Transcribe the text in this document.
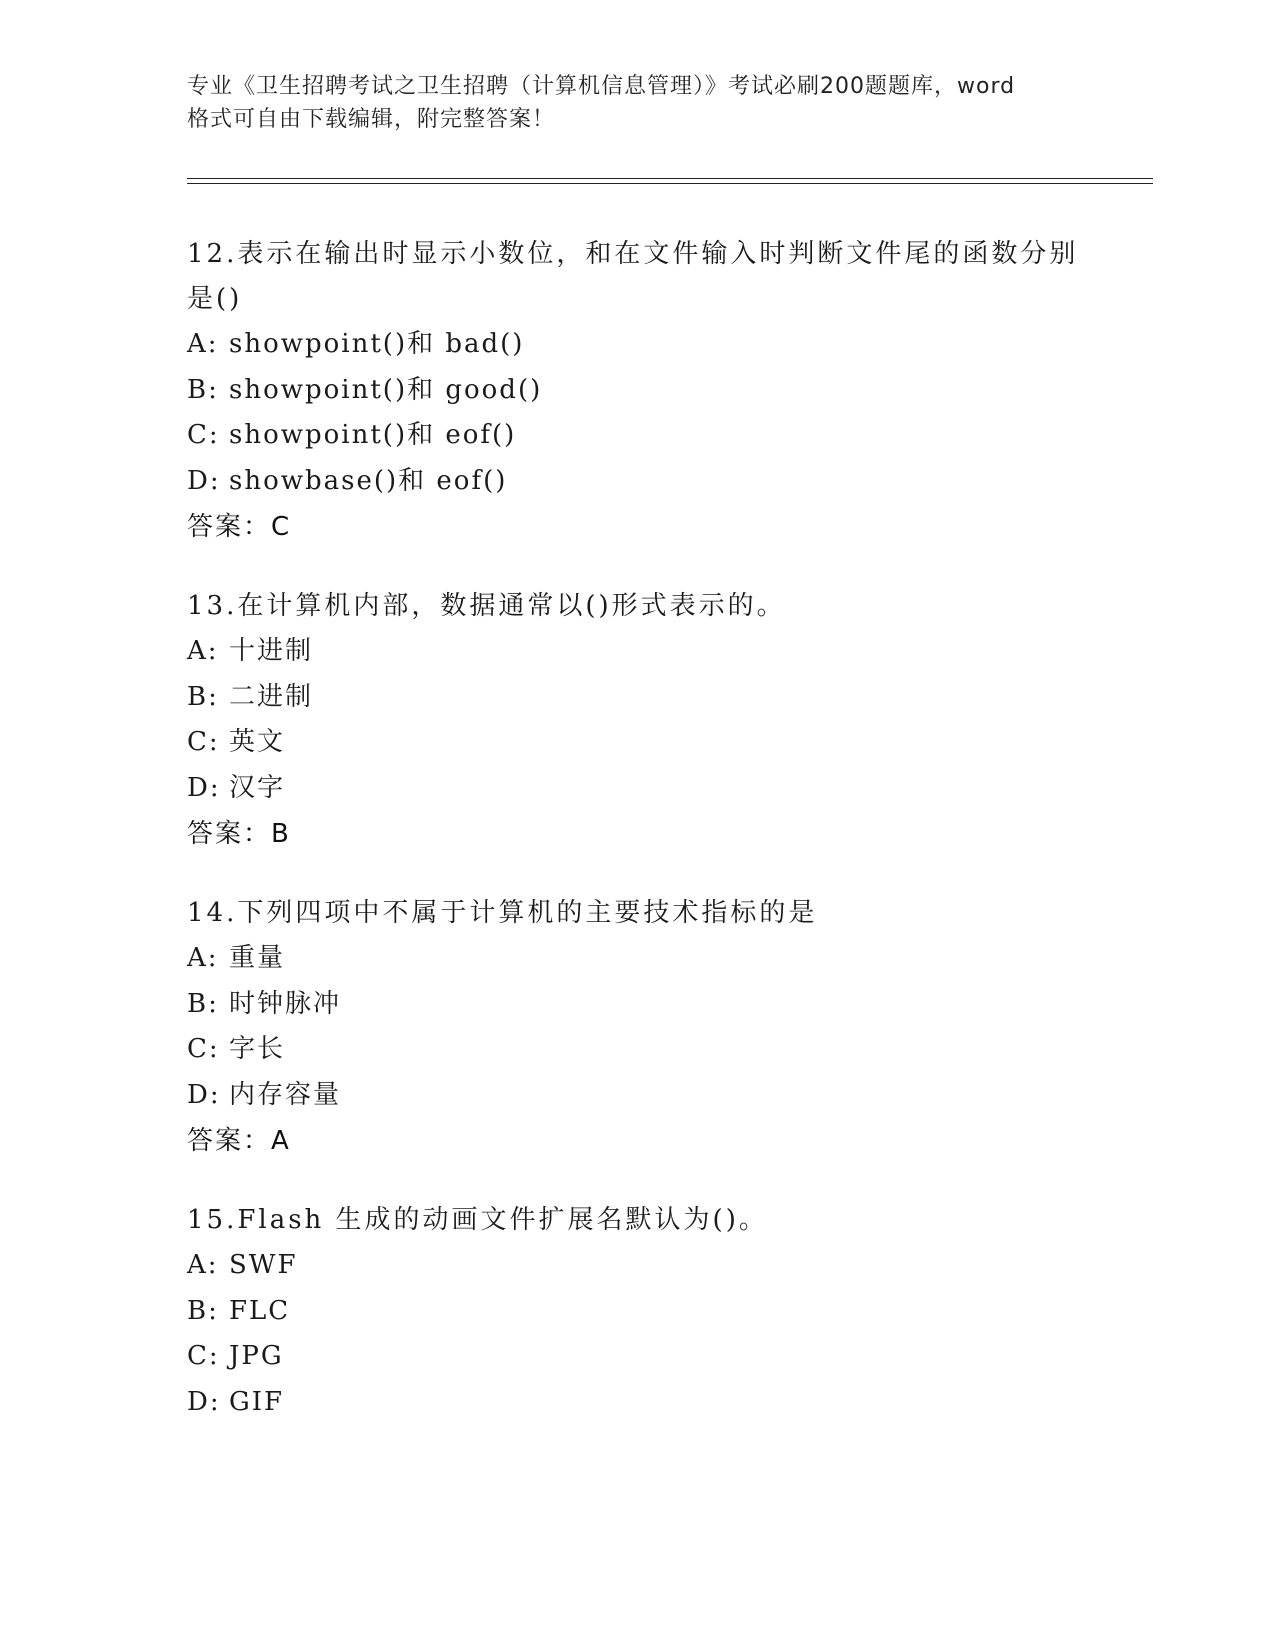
专业《卫生招聘考试之卫生招聘（计算机信息管理）》考试必刷200题题库，word
格式可自由下载编辑，附完整答案！
12.表示在输出时显示小数位，和在文件输入时判断文件尾的函数分别
是()
A: showpoint()和 bad()
B: showpoint()和 good()
C: showpoint()和 eof()
D: showbase()和 eof()
答案：C
13.在计算机内部，数据通常以()形式表示的。
A: 十进制
B: 二进制
C: 英文
D: 汉字
答案：B
14.下列四项中不属于计算机的主要技术指标的是
A: 重量
B: 时钟脉冲
C: 字长
D: 内存容量
答案：A
15.Flash 生成的动画文件扩展名默认为()。
A: SWF
B: FLC
C: JPG
D: GIF
